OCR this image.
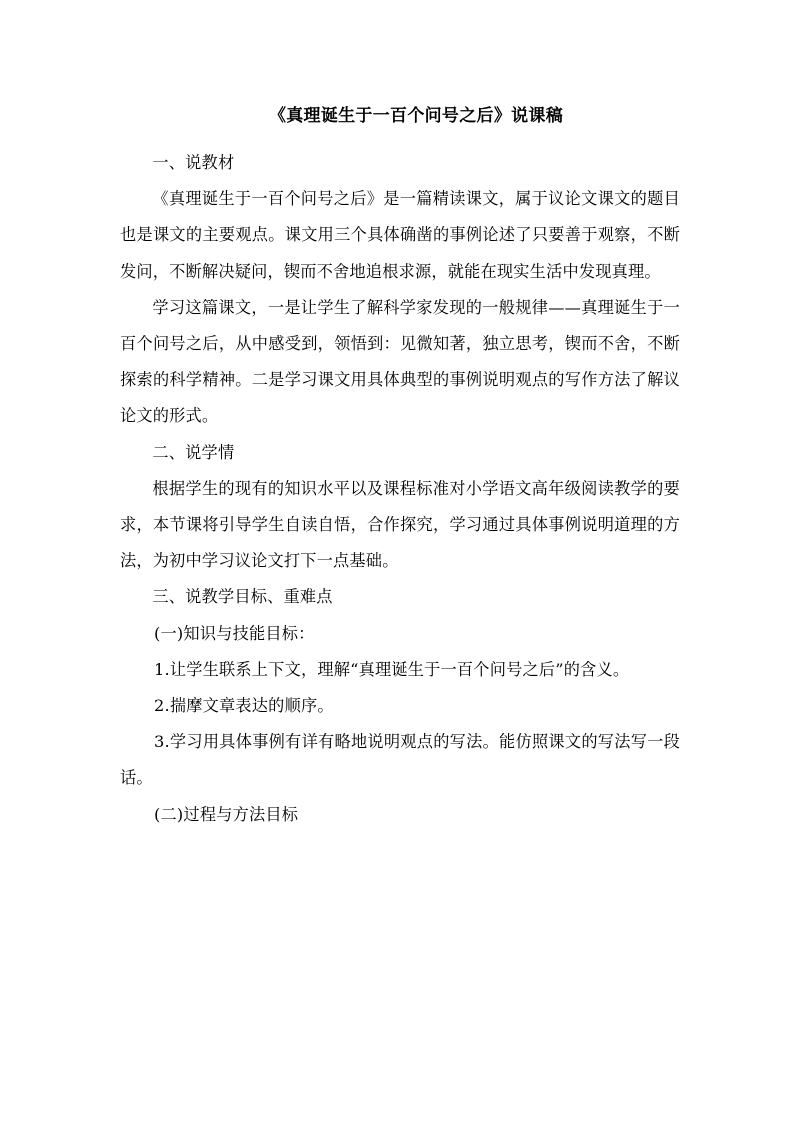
《真理诞生于一百个问号之后》说课稿

一、说教材

《真理诞生于一百个问号之后》是一篇精读课文，属于议论文课文的题目也是课文的主要观点。课文用三个具体确凿的事例论述了只要善于观察，不断发问，不断解决疑问，锲而不舍地追根求源，就能在现实生活中发现真理。

学习这篇课文，一是让学生了解科学家发现的一般规律——真理诞生于一百个问号之后，从中感受到，领悟到：见微知著，独立思考，锲而不舍，不断探索的科学精神。二是学习课文用具体典型的事例说明观点的写作方法了解议论文的形式。

二、说学情

根据学生的现有的知识水平以及课程标准对小学语文高年级阅读教学的要求，本节课将引导学生自读自悟，合作探究，学习通过具体事例说明道理的方法，为初中学习议论文打下一点基础。

三、说教学目标、重难点

(一)知识与技能目标：

1.让学生联系上下文，理解“真理诞生于一百个问号之后”的含义。

2.揣摩文章表达的顺序。

3.学习用具体事例有详有略地说明观点的写法。能仿照课文的写法写一段话。

(二)过程与方法目标
